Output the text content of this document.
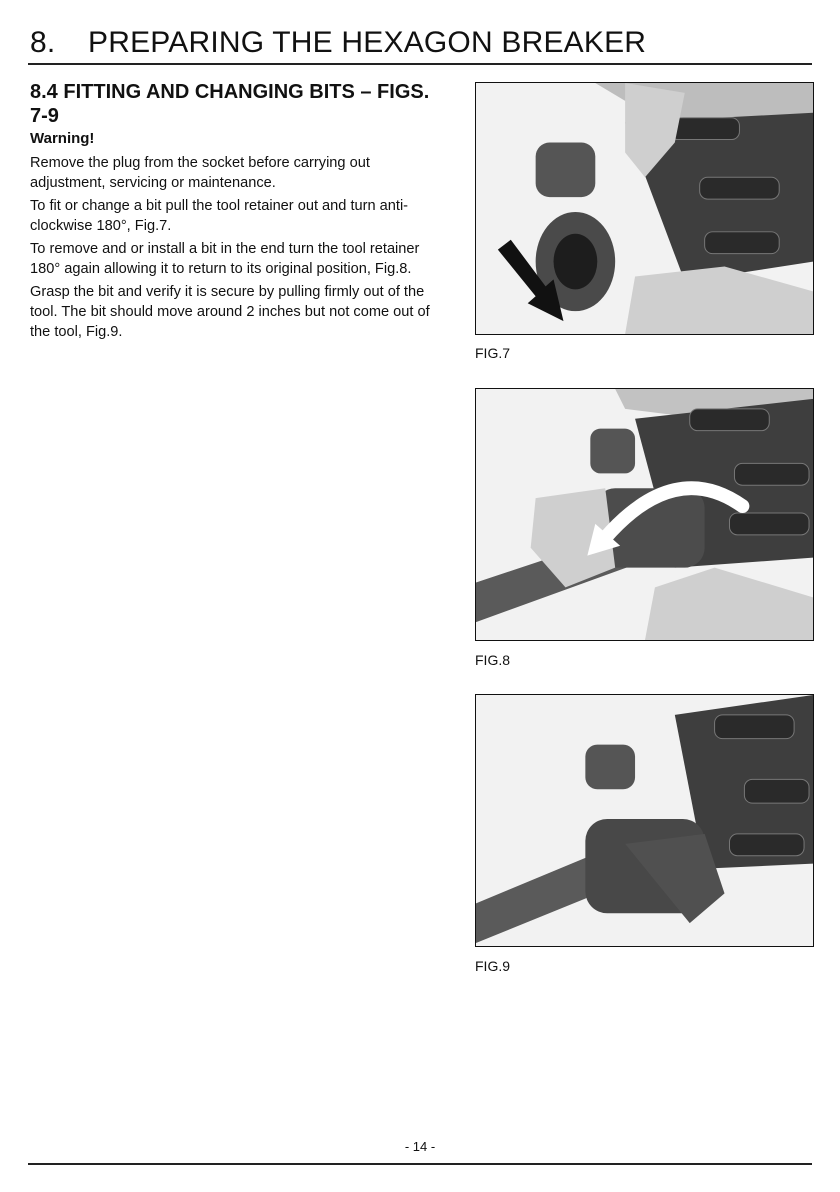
8. PREPARING THE HEXAGON BREAKER
8.4 FITTING AND CHANGING BITS – FIGS. 7-9
Warning!

Remove the plug from the socket before carrying out adjustment, servicing or maintenance.

To fit or change a bit pull the tool retainer out and turn anti-clockwise 180°, Fig.7.

To remove and or install a bit in the end turn the tool retainer 180° again allowing it to return to its original position, Fig.8.

Grasp the bit and verify it is secure by pulling firmly out of the tool. The bit should move around 2 inches but not come out of the tool, Fig.9.

FIG.7
FIG.8
FIG.9
- 14 -
